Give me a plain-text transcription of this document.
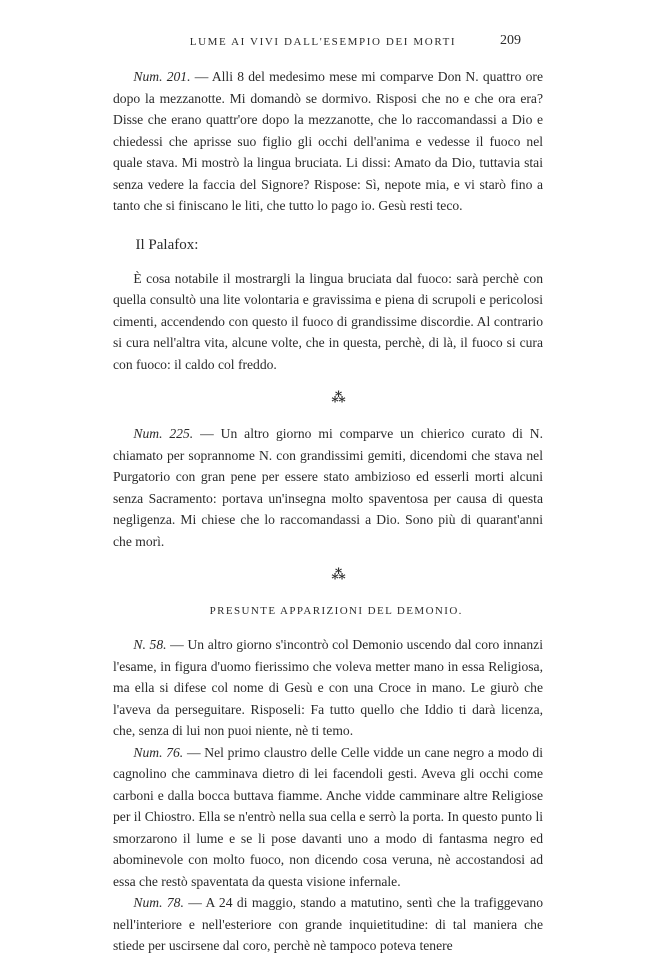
LUME AI VIVI DALL'ESEMPIO DEI MORTI	209

Num. 201. — Alli 8 del medesimo mese mi comparve Don N. quattro ore dopo la mezzanotte. Mi domandò se dormivo. Risposi che no e che ora era? Disse che erano quattr'ore dopo la mezzanotte, che lo raccomandassi a Dio e chiedessi che aprisse suo figlio gli occhi dell'anima e vedesse il fuoco nel quale stava. Mi mostrò la lingua bruciata. Li dissi: Amato da Dio, tuttavia stai senza vedere la faccia del Signore? Rispose: Sì, nepote mia, e vi starò fino a tanto che si finiscano le liti, che tutto lo pago io. Gesù resti teco.

Il Palafox:

È cosa notabile il mostrargli la lingua bruciata dal fuoco: sarà perchè con quella consultò una lite volontaria e gravissima e piena di scrupoli e pericolosi cimenti, accendendo con questo il fuoco di grandissime discordie. Al contrario si cura nell'altra vita, alcune volte, che in questa, perchè, di là, il fuoco si cura con fuoco: il caldo col freddo.

⁂

Num. 225. — Un altro giorno mi comparve un chierico curato di N. chiamato per soprannome N. con grandissimi gemiti, dicendomi che stava nel Purgatorio con gran pene per essere stato ambizioso ed esserli morti alcuni senza Sacramento: portava un'insegna molto spaventosa per causa di questa negligenza. Mi chiese che lo raccomandassi a Dio. Sono più di quarant'anni che morì.

⁂

PRESUNTE APPARIZIONI DEL DEMONIO.

N. 58. — Un altro giorno s'incontrò col Demonio uscendo dal coro innanzi l'esame, in figura d'uomo fierissimo che voleva metter mano in essa Religiosa, ma ella si difese col nome di Gesù e con una Croce in mano. Le giurò che l'aveva da perseguitare. Risposeli: Fa tutto quello che Iddio ti darà licenza, che, senza di lui non puoi niente, nè ti temo.

Num. 76. — Nel primo claustro delle Celle vidde un cane negro a modo di cagnolino che camminava dietro di lei facendoli gesti. Aveva gli occhi come carboni e dalla bocca buttava fiamme. Anche vidde camminare altre Religiose per il Chiostro. Ella se n'entrò nella sua cella e serrò la porta. In questo punto li smorzarono il lume e se li pose davanti uno a modo di fantasma negro ed abominevole con molto fuoco, non dicendo cosa veruna, nè accostandosi ad essa che restò spaventata da questa visione infernale.

Num. 78. — A 24 di maggio, stando a matutino, sentì che la trafiggevano nell'interiore e nell'esteriore con grande inquietitudine: di tal maniera che stiede per uscirsene dal coro, perchè nè tampoco poteva tenere
